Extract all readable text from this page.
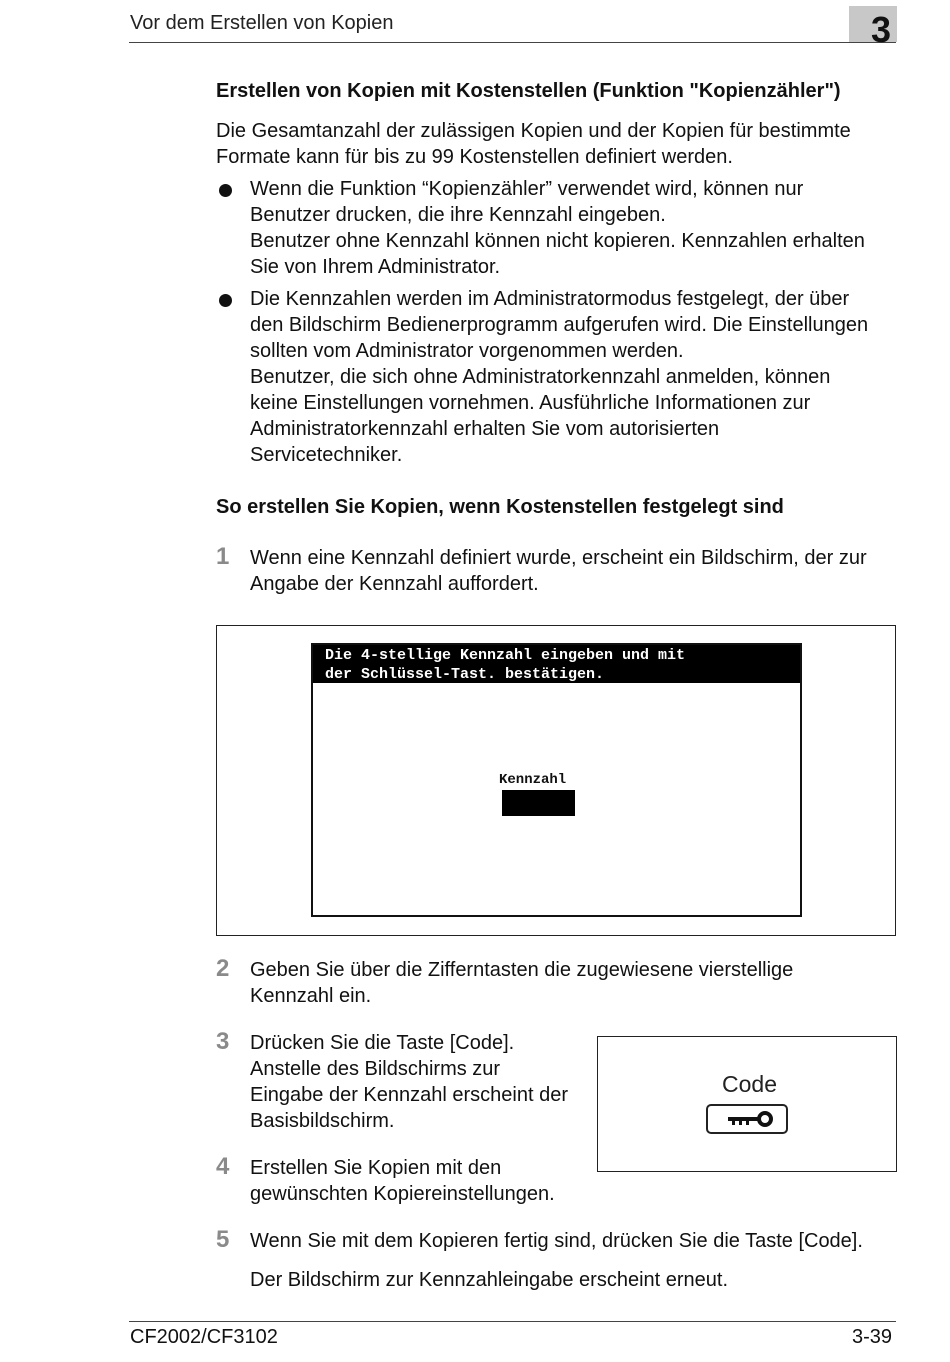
Vor dem Erstellen von Kopien	3
Erstellen von Kopien mit Kostenstellen (Funktion "Kopienzähler")
Die Gesamtanzahl der zulässigen Kopien und der Kopien für bestimmte
Formate kann für bis zu 99 Kostenstellen definiert werden.
Wenn die Funktion “Kopienzähler” verwendet wird, können nur
Benutzer drucken, die ihre Kennzahl eingeben.
Benutzer ohne Kennzahl können nicht kopieren. Kennzahlen erhalten
Sie von Ihrem Administrator.
Die Kennzahlen werden im Administratormodus festgelegt, der über
den Bildschirm Bedienerprogramm aufgerufen wird. Die Einstellungen
sollten vom Administrator vorgenommen werden.
Benutzer, die sich ohne Administratorkennzahl anmelden, können
keine Einstellungen vornehmen. Ausführliche Informationen zur
Administratorkennzahl erhalten Sie vom autorisierten
Servicetechniker.
So erstellen Sie Kopien, wenn Kostenstellen festgelegt sind
1 Wenn eine Kennzahl definiert wurde, erscheint ein Bildschirm, der zur
Angabe der Kennzahl auffordert.
Die 4-stellige Kennzahl eingeben und mit
der Schlüssel-Tast. bestätigen.
Kennzahl
2 Geben Sie über die Zifferntasten die zugewiesene vierstellige
Kennzahl ein.
3 Drücken Sie die Taste [Code].
Anstelle des Bildschirms zur
Eingabe der Kennzahl erscheint der
Basisbildschirm.
Code
4 Erstellen Sie Kopien mit den
gewünschten Kopiereinstellungen.
5 Wenn Sie mit dem Kopieren fertig sind, drücken Sie die Taste [Code].
Der Bildschirm zur Kennzahleingabe erscheint erneut.
CF2002/CF3102	3-39
